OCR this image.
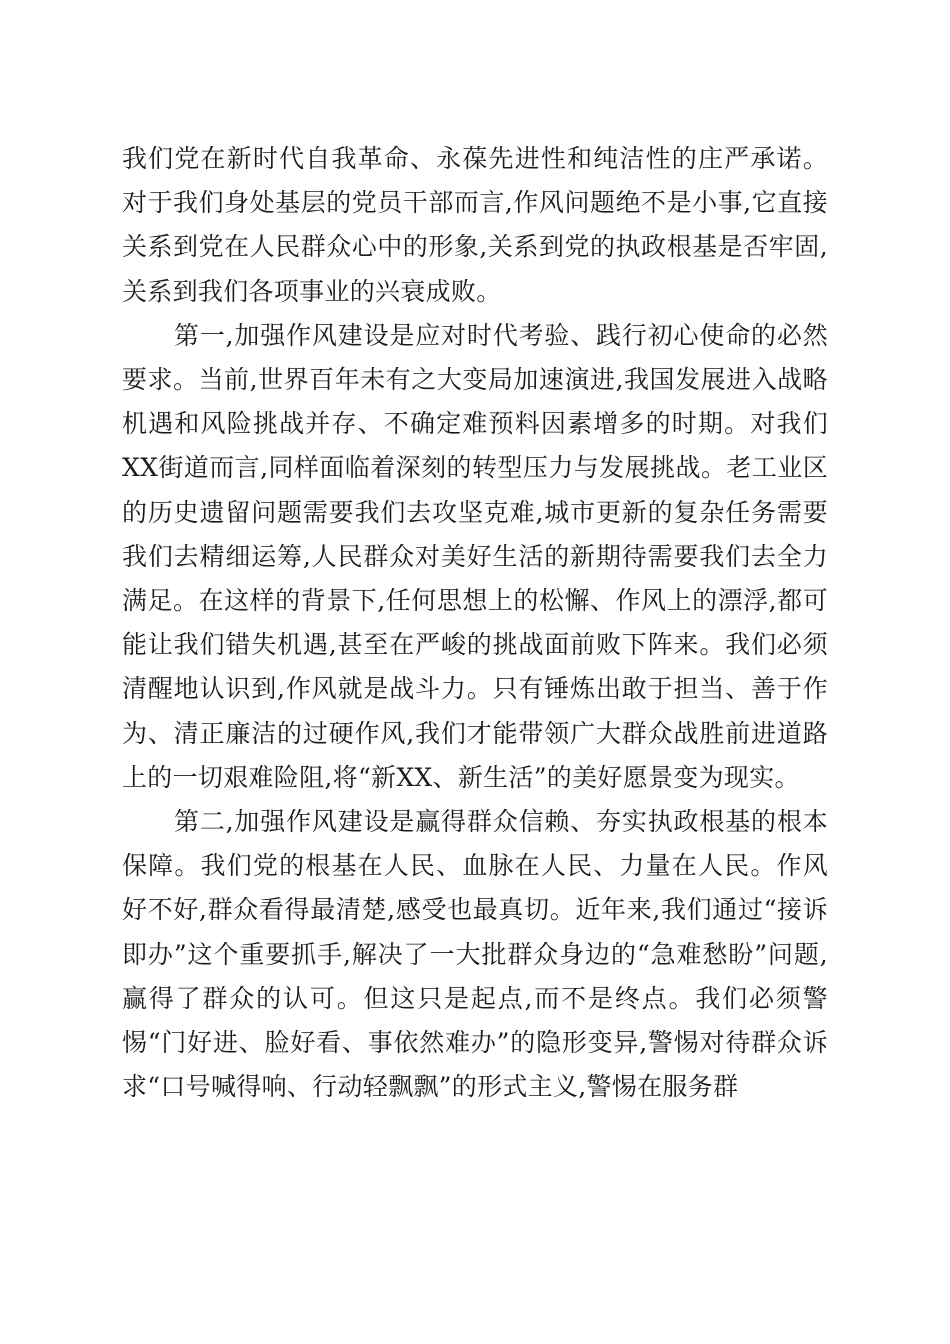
我们党在新时代自我革命、永葆先进性和纯洁性的庄严承诺。对于我们身处基层的党员干部而言,作风问题绝不是小事,它直接关系到党在人民群众心中的形象,关系到党的执政根基是否牢固,关系到我们各项事业的兴衰成败。

第一,加强作风建设是应对时代考验、践行初心使命的必然要求。当前,世界百年未有之大变局加速演进,我国发展进入战略机遇和风险挑战并存、不确定难预料因素增多的时期。对我们XX街道而言,同样面临着深刻的转型压力与发展挑战。老工业区的历史遗留问题需要我们去攻坚克难,城市更新的复杂任务需要我们去精细运筹,人民群众对美好生活的新期待需要我们去全力满足。在这样的背景下,任何思想上的松懈、作风上的漂浮,都可能让我们错失机遇,甚至在严峻的挑战面前败下阵来。我们必须清醒地认识到,作风就是战斗力。只有锤炼出敢于担当、善于作为、清正廉洁的过硬作风,我们才能带领广大群众战胜前进道路上的一切艰难险阻,将“新XX、新生活”的美好愿景变为现实。

第二,加强作风建设是赢得群众信赖、夯实执政根基的根本保障。我们党的根基在人民、血脉在人民、力量在人民。作风好不好,群众看得最清楚,感受也最真切。近年来,我们通过“接诉即办”这个重要抓手,解决了一大批群众身边的“急难愁盼”问题,赢得了群众的认可。但这只是起点,而不是终点。我们必须警惕“门好进、脸好看、事依然难办”的隐形变异,警惕对待群众诉求“口号喊得响、行动轻飘飘”的形式主义,警惕在服务群
